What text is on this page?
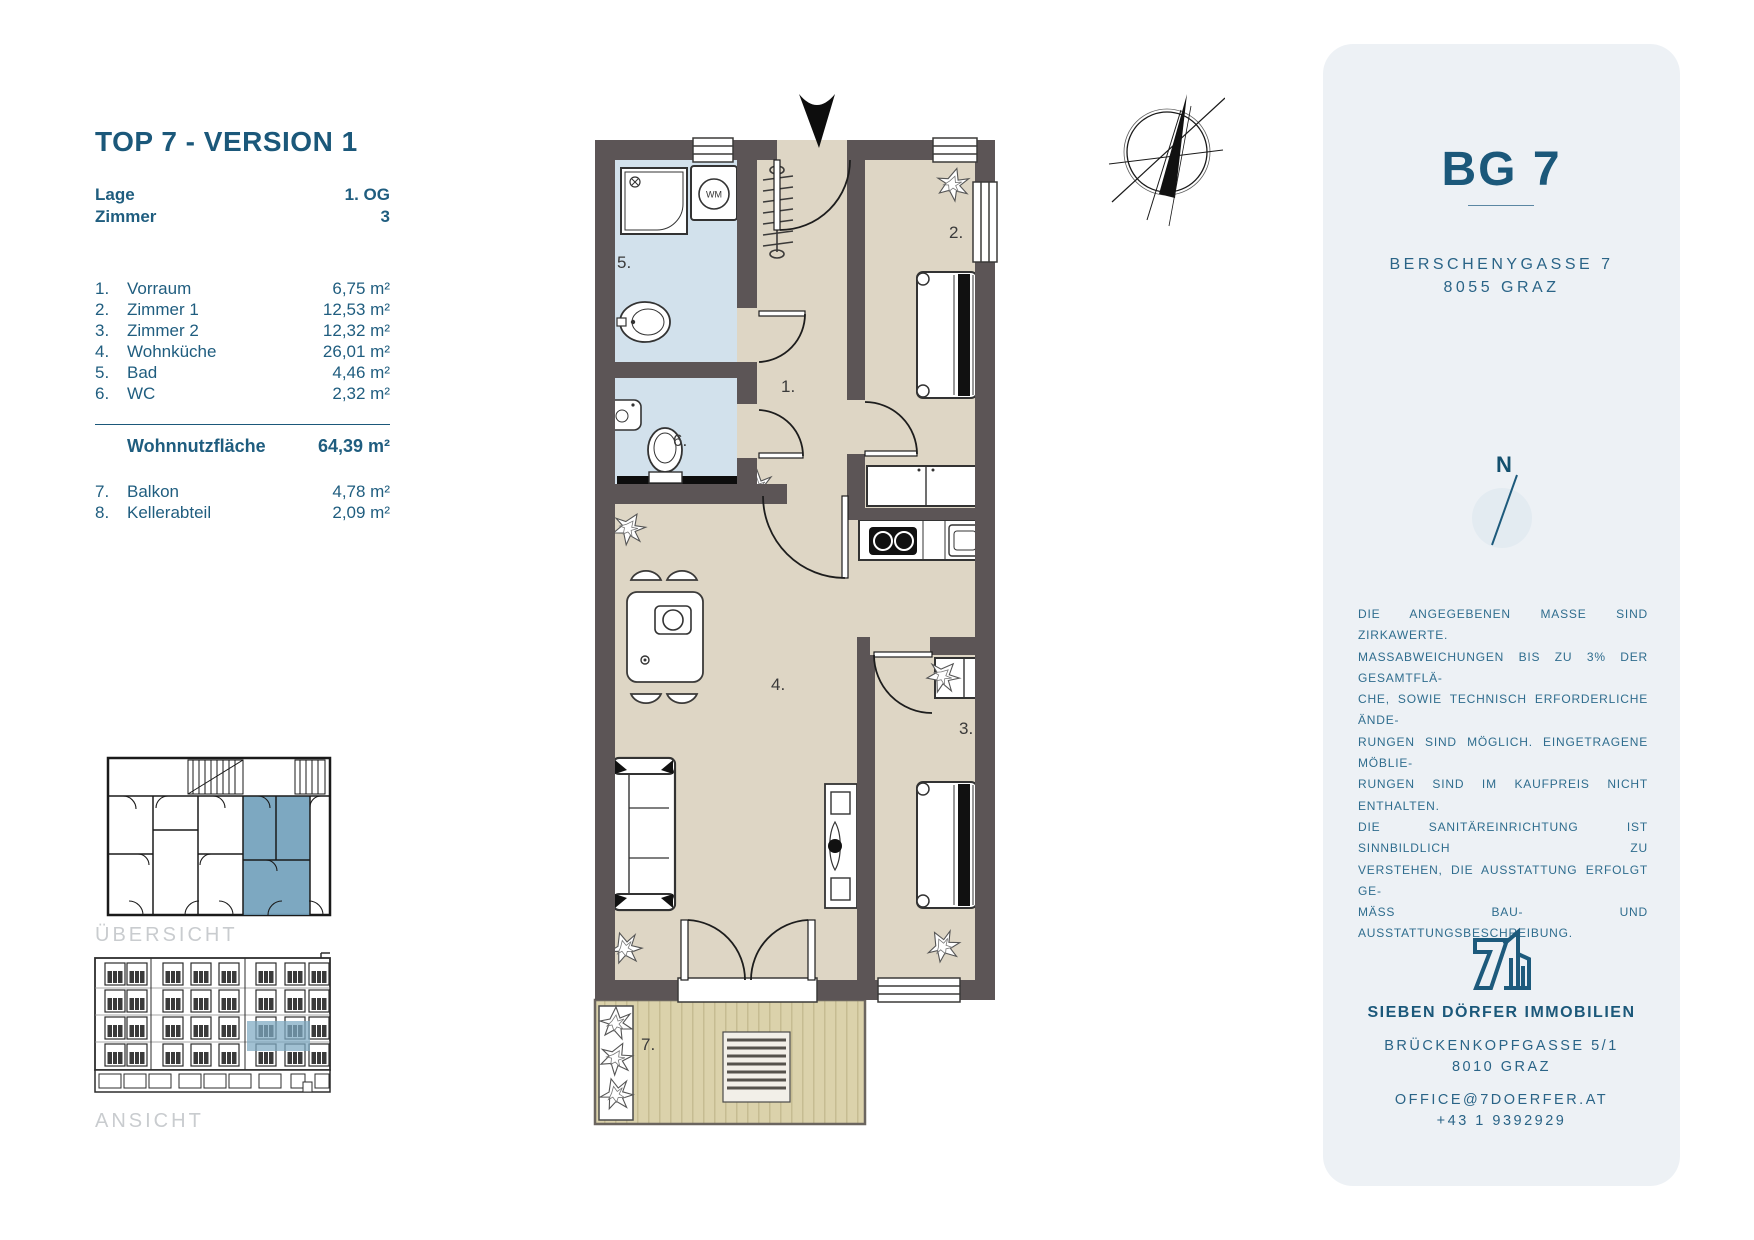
TOP 7 - VERSION 1
Lage	1. OG
Zimmer	3
1.	Vorraum	6,75 m²
2.	Zimmer 1	12,53 m²
3.	Zimmer 2	12,32 m²
4.	Wohnküche	26,01 m²
5.	Bad	4,46 m²
6.	WC	2,32 m²
Wohnnutzfläche	64,39 m²
7.	Balkon	4,78 m²
8.	Kellerabteil	2,09 m²
ÜBERSICHT
ANSICHT
WM
5.
6.
1.
2.
4.
3.
7.
BG 7
BERSCHENYGASSE 7
8055 GRAZ
N
DIE ANGEGEBENEN MASSE SIND ZIRKAWERTE.
MASSABWEICHUNGEN BIS ZU 3% DER GESAMTFLÄ-
CHE, SOWIE TECHNISCH ERFORDERLICHE ÄNDE-
RUNGEN SIND MÖGLICH. EINGETRAGENE MÖBLIE-
RUNGEN SIND IM KAUFPREIS NICHT ENTHALTEN.
DIE SANITÄREINRICHTUNG IST SINNBILDLICH ZU
VERSTEHEN, DIE AUSSTATTUNG ERFOLGT GE-
MÄSS BAU- UND AUSSTATTUNGSBESCHREIBUNG.
SIEBEN DÖRFER IMMOBILIEN
BRÜCKENKOPFGASSE 5/1
8010 GRAZ
OFFICE@7DOERFER.AT
+43 1 9392929
